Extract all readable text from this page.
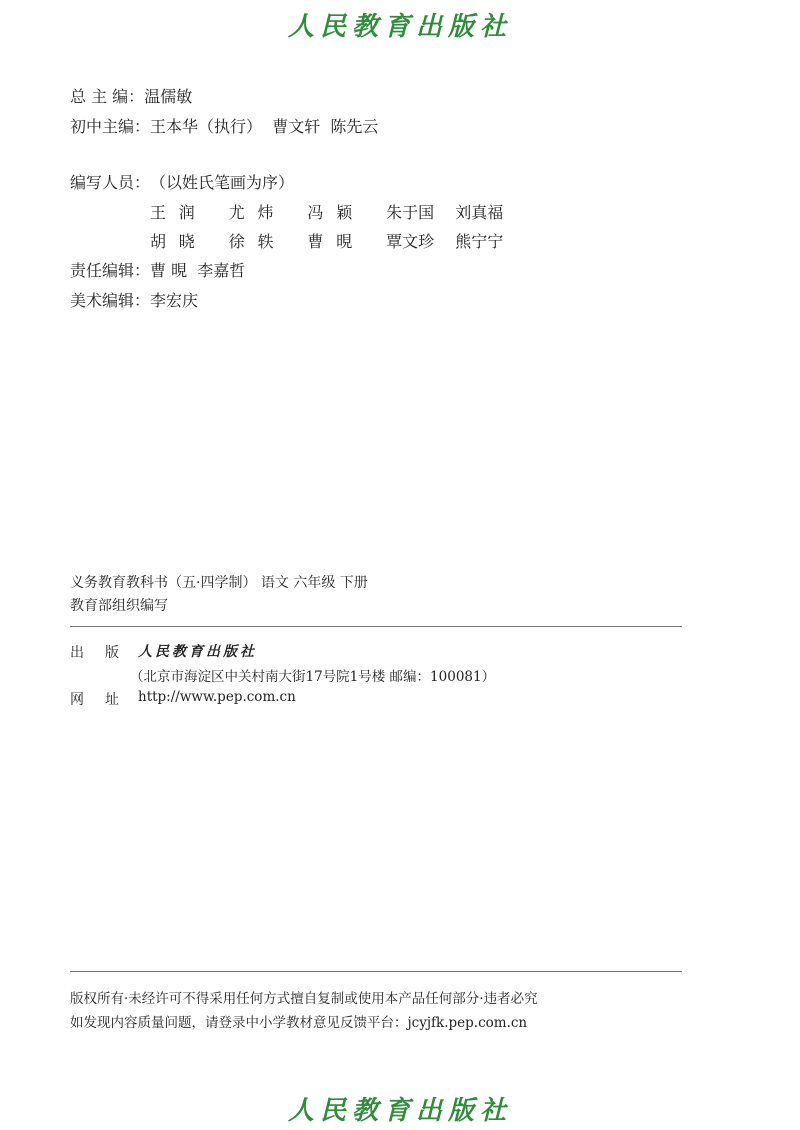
人民教育出版社
总 主 编：温儒敏
初中主编：王本华（执行）  曹文轩  陈先云
编写人员：（以姓氏笔画为序）
王润 尤炜 冯颖 朱于国 刘真福
胡晓 徐轶 曹晛 覃文珍 熊宁宁
责任编辑：曹 晛  李嘉哲
美术编辑：李宏庆
义务教育教科书（五·四学制） 语文 六年级 下册
教育部组织编写
出版
人民教育出版社
（北京市海淀区中关村南大街17号院1号楼 邮编：100081）
网址
http://www.pep.com.cn
版权所有·未经许可不得采用任何方式擅自复制或使用本产品任何部分·违者必究
如发现内容质量问题，请登录中小学教材意见反馈平台：jcyjfk.pep.com.cn
人民教育出版社
